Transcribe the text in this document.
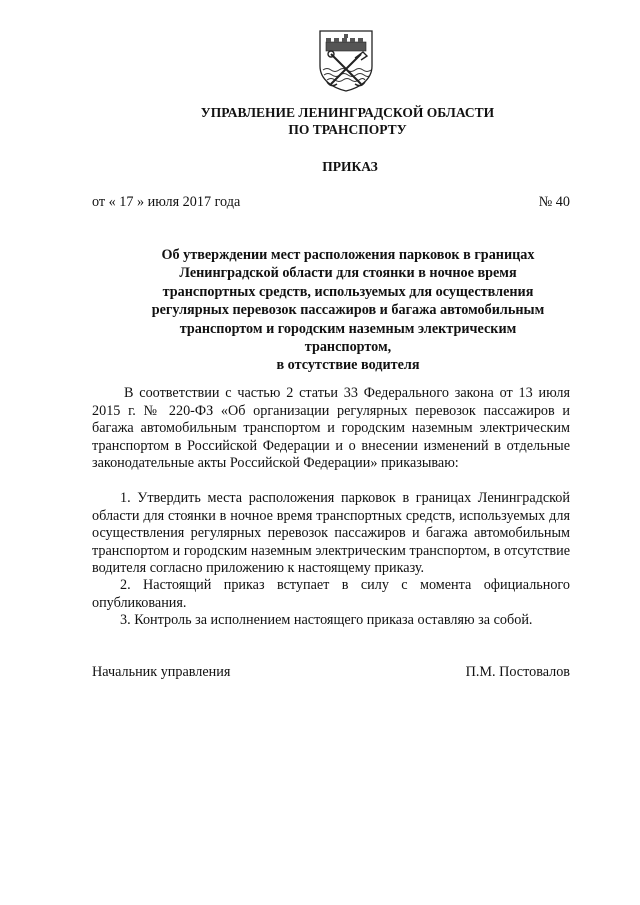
УПРАВЛЕНИЕ ЛЕНИНГРАДСКОЙ ОБЛАСТИ
ПО ТРАНСПОРТУ
ПРИКАЗ
от « 17 » июля 2017 года	№ 40
Об утверждении мест расположения парковок в границах
Ленинградской области для стоянки в ночное время
транспортных средств, используемых для осуществления
регулярных перевозок пассажиров и багажа автомобильным
транспортом и городским наземным электрическим транспортом,
в отсутствие водителя

В соответствии с частью 2 статьи 33 Федерального закона от 13 июля 2015 г. № 220-ФЗ «Об организации регулярных перевозок пассажиров и багажа автомобильным транспортом и городским наземным электрическим транспортом в Российской Федерации и о внесении изменений в отдельные законодательные акты Российской Федерации» приказываю:

1. Утвердить места расположения парковок в границах Ленинградской области для стоянки в ночное время транспортных средств, используемых для осуществления регулярных перевозок пассажиров и багажа автомобильным транспортом и городским наземным электрическим транспортом, в отсутствие водителя согласно приложению к настоящему приказу.

2. Настоящий приказ вступает в силу с момента официального опубликования.

3. Контроль за исполнением настоящего приказа оставляю за собой.

Начальник управления	П.М. Постовалов
